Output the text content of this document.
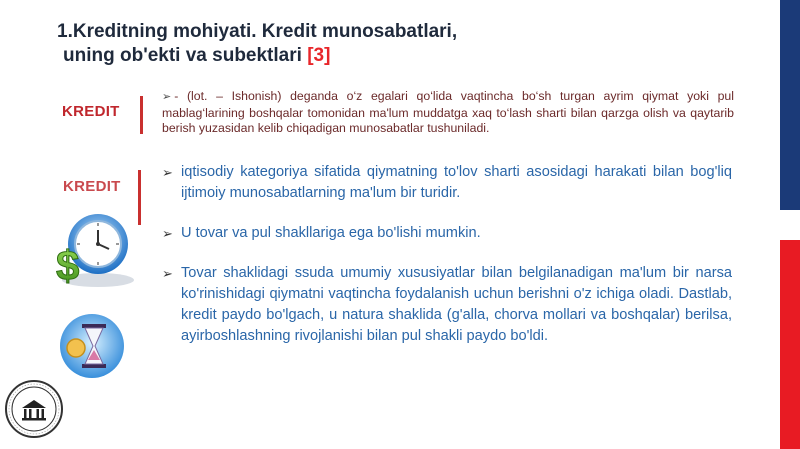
1.Kreditning mohiyati. Kredit munosabatlari,
uning ob'ekti va subektlari [3]
KREDIT
➢ - (lot. – Ishonish) deganda o‘z egalari qo‘lida vaqtincha bo‘sh turgan ayrim qiymat yoki pul mablag‘larining boshqalar tomonidan ma'lum muddatga xaq to‘lash sharti bilan qarzga olish va qaytarib berish yuzasidan kelib chiqadigan munosabatlar tushuniladi.
KREDIT
➢ iqtisodiy kategoriya sifatida qiymatning to'lov sharti asosidagi harakati bilan bog'liq ijtimoiy munosabatlarning ma'lum bir turidir.
➢ U tovar va pul shakllariga ega bo'lishi mumkin.
➢ Tovar shaklidagi ssuda umumiy xususiyatlar bilan belgilanadigan ma'lum bir narsa ko'rinishidagi qiymatni vaqtincha foydalanish uchun berishni o'z ichiga oladi. Dastlab, kredit paydo bo'lgach, u natura shaklida (g'alla, chorva mollari va boshqalar) berilsa, ayirboshlashning rivojlanishi bilan pul shakli paydo bo'ldi.
$
